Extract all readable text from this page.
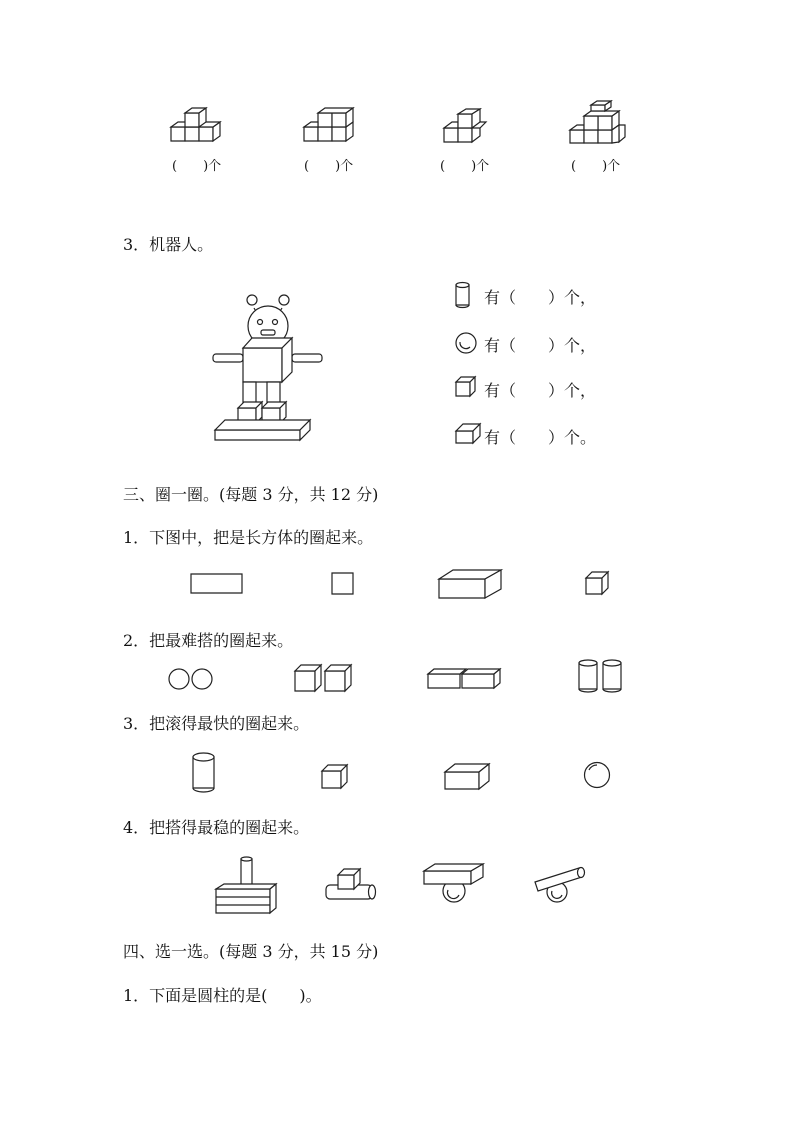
(　　)个	(　　)个	(　　)个	(　　)个
3．机器人。
有（　　）个，
有（　　）个，
有（　　）个，
有（　　）个。
三、圈一圈。(每题 3 分，共 12 分)
1．下图中，把是长方体的圈起来。
2．把最难搭的圈起来。
3．把滚得最快的圈起来。
4．把搭得最稳的圈起来。
四、选一选。(每题 3 分，共 15 分)
1．下面是圆柱的是(　　)。
